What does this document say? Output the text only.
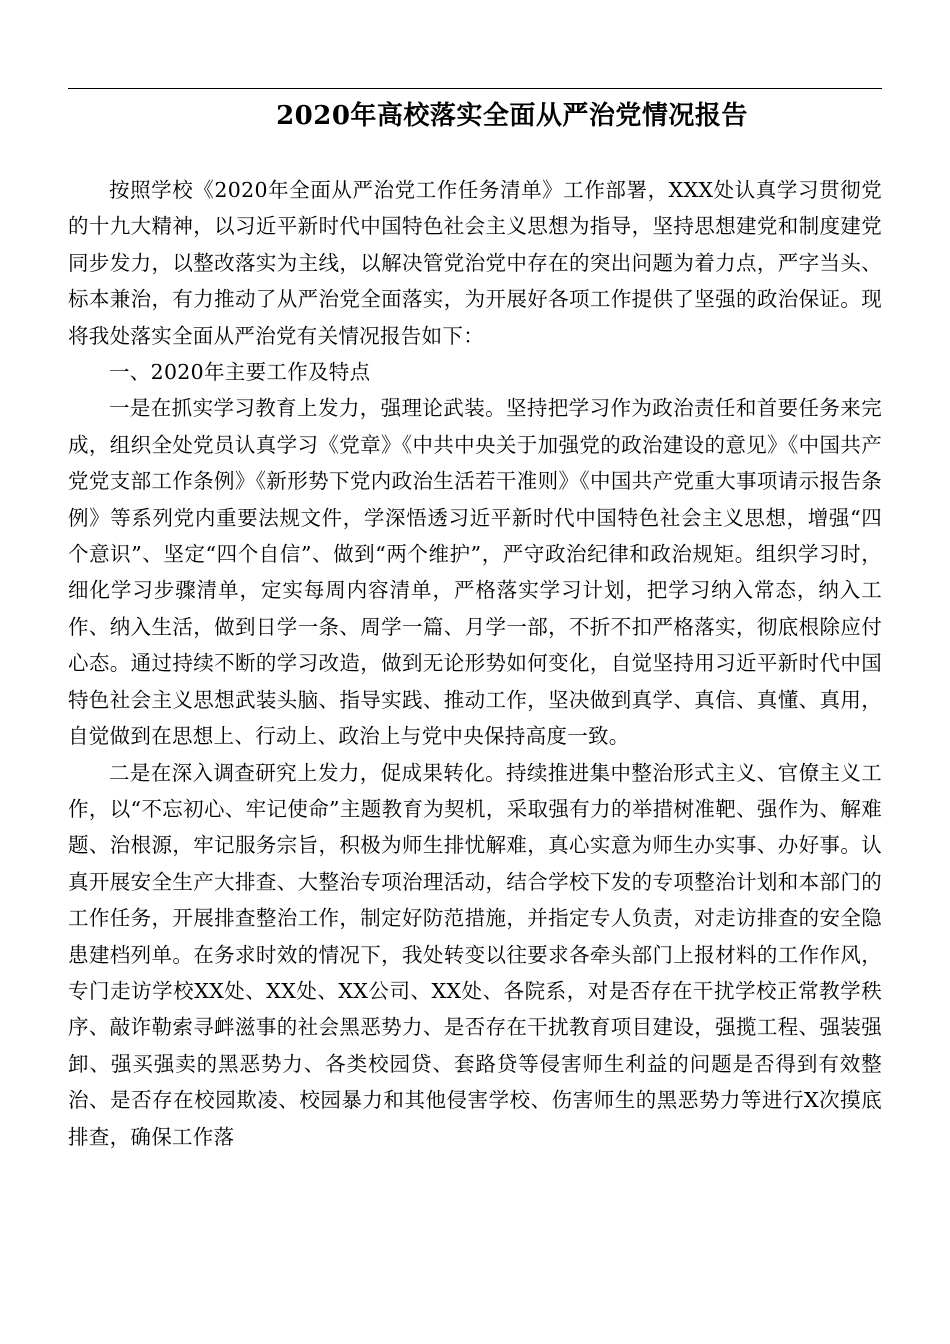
2020年高校落实全面从严治党情况报告

按照学校《2020年全面从严治党工作任务清单》工作部署，XXX处认真学习贯彻党的十九大精神，以习近平新时代中国特色社会主义思想为指导，坚持思想建党和制度建党同步发力，以整改落实为主线，以解决管党治党中存在的突出问题为着力点，严字当头、标本兼治，有力推动了从严治党全面落实，为开展好各项工作提供了坚强的政治保证。现将我处落实全面从严治党有关情况报告如下：

一、2020年主要工作及特点

一是在抓实学习教育上发力，强理论武装。坚持把学习作为政治责任和首要任务来完成，组织全处党员认真学习《党章》《中共中央关于加强党的政治建设的意见》《中国共产党党支部工作条例》《新形势下党内政治生活若干准则》《中国共产党重大事项请示报告条例》等系列党内重要法规文件，学深悟透习近平新时代中国特色社会主义思想，增强“四个意识”、坚定“四个自信”、做到“两个维护”，严守政治纪律和政治规矩。组织学习时，细化学习步骤清单，定实每周内容清单，严格落实学习计划，把学习纳入常态，纳入工作、纳入生活，做到日学一条、周学一篇、月学一部，不折不扣严格落实，彻底根除应付心态。通过持续不断的学习改造，做到无论形势如何变化，自觉坚持用习近平新时代中国特色社会主义思想武装头脑、指导实践、推动工作，坚决做到真学、真信、真懂、真用，自觉做到在思想上、行动上、政治上与党中央保持高度一致。

二是在深入调查研究上发力，促成果转化。持续推进集中整治形式主义、官僚主义工作，以“不忘初心、牢记使命”主题教育为契机，采取强有力的举措树准靶、强作为、解难题、治根源，牢记服务宗旨，积极为师生排忧解难，真心实意为师生办实事、办好事。认真开展安全生产大排查、大整治专项治理活动，结合学校下发的专项整治计划和本部门的工作任务，开展排查整治工作，制定好防范措施，并指定专人负责，对走访排查的安全隐患建档列单。在务求时效的情况下，我处转变以往要求各牵头部门上报材料的工作作风，专门走访学校XX处、XX处、XX公司、XX处、各院系，对是否存在干扰学校正常教学秩序、敲诈勒索寻衅滋事的社会黑恶势力、是否存在干扰教育项目建设，强揽工程、强装强卸、强买强卖的黑恶势力、各类校园贷、套路贷等侵害师生利益的问题是否得到有效整治、是否存在校园欺凌、校园暴力和其他侵害学校、伤害师生的黑恶势力等进行X次摸底排查，确保工作落
